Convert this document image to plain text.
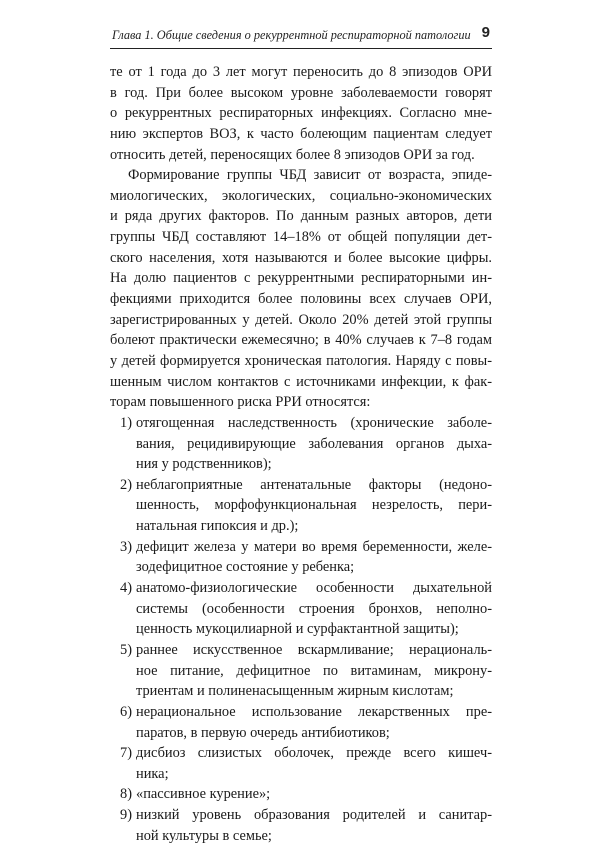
Глава 1. Общие сведения о рекуррентной респираторной патологии 9
те от 1 года до 3 лет могут переносить до 8 эпизодов ОРИ
в год. При более высоком уровне заболеваемости говорят
о рекуррентных респираторных инфекциях. Согласно мне-
нию экспертов ВОЗ, к часто болеющим пациентам следует
относить детей, переносящих более 8 эпизодов ОРИ за год.
Формирование группы ЧБД зависит от возраста, эпиде-
миологических, экологических, социально-экономических
и ряда других факторов. По данным разных авторов, дети
группы ЧБД составляют 14–18% от общей популяции дет-
ского населения, хотя называются и более высокие цифры.
На долю пациентов с рекуррентными респираторными ин-
фекциями приходится более половины всех случаев ОРИ,
зарегистрированных у детей. Около 20% детей этой группы
болеют практически ежемесячно; в 40% случаев к 7–8 годам
у детей формируется хроническая патология. Наряду с повы-
шенным числом контактов с источниками инфекции, к фак-
торам повышенного риска РРИ относятся:
1) отягощенная наследственность (хронические заболе-
вания, рецидивирующие заболевания органов дыха-
ния у родственников);
2) неблагоприятные антенатальные факторы (недоно-
шенность, морфофункциональная незрелость, пери-
натальная гипоксия и др.);
3) дефицит железа у матери во время беременности, желе-
зодефицитное состояние у ребенка;
4) анатомо-физиологические особенности дыхательной
системы (особенности строения бронхов, неполно-
ценность мукоцилиарной и сурфактантной защиты);
5) раннее искусственное вскармливание; нерациональ-
ное питание, дефицитное по витаминам, микрону-
триентам и полиненасыщенным жирным кислотам;
6) нерациональное использование лекарственных пре-
паратов, в первую очередь антибиотиков;
7) дисбиоз слизистых оболочек, прежде всего кишеч-
ника;
8) «пассивное курение»;
9) низкий уровень образования родителей и санитар-
ной культуры в семье;
